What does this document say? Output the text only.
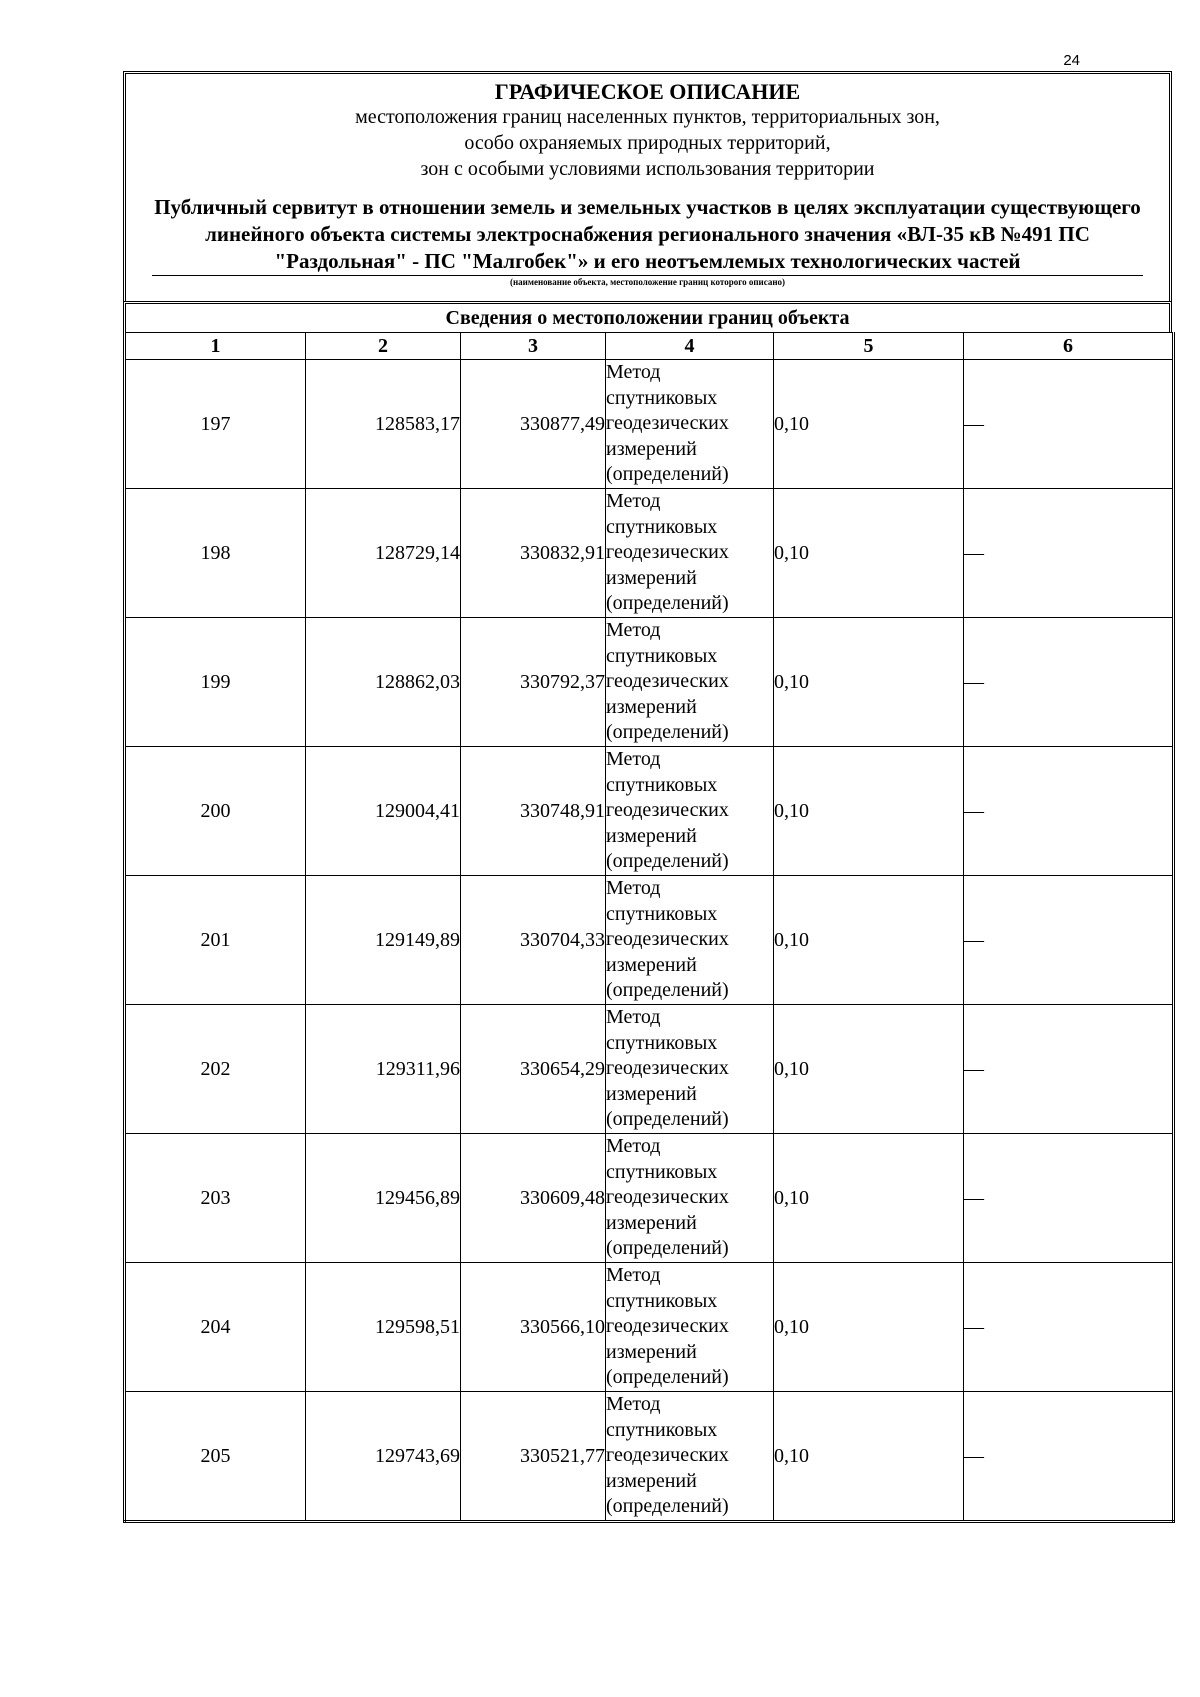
24
ГРАФИЧЕСКОЕ ОПИСАНИЕ
местоположения границ населенных пунктов, территориальных зон,
особо охраняемых природных территорий,
зон с особыми условиями использования территории
Публичный сервитут в отношении земель и земельных участков в целях эксплуатации существующего линейного объекта системы электроснабжения регионального значения «ВЛ-35 кВ №491 ПС "Раздольная" - ПС "Малгобек"» и его неотъемлемых технологических частей
(наименование объекта, местоположение границ которого описано)
Сведения о местоположении границ объекта
1	2	3	4	5	6
197	128583,17	330877,49	Метод
спутниковых
геодезических
измерений
(определений)	0,10	—
198	128729,14	330832,91	Метод
спутниковых
геодезических
измерений
(определений)	0,10	—
199	128862,03	330792,37	Метод
спутниковых
геодезических
измерений
(определений)	0,10	—
200	129004,41	330748,91	Метод
спутниковых
геодезических
измерений
(определений)	0,10	—
201	129149,89	330704,33	Метод
спутниковых
геодезических
измерений
(определений)	0,10	—
202	129311,96	330654,29	Метод
спутниковых
геодезических
измерений
(определений)	0,10	—
203	129456,89	330609,48	Метод
спутниковых
геодезических
измерений
(определений)	0,10	—
204	129598,51	330566,10	Метод
спутниковых
геодезических
измерений
(определений)	0,10	—
205	129743,69	330521,77	Метод
спутниковых
геодезических
измерений
(определений)	0,10	—
